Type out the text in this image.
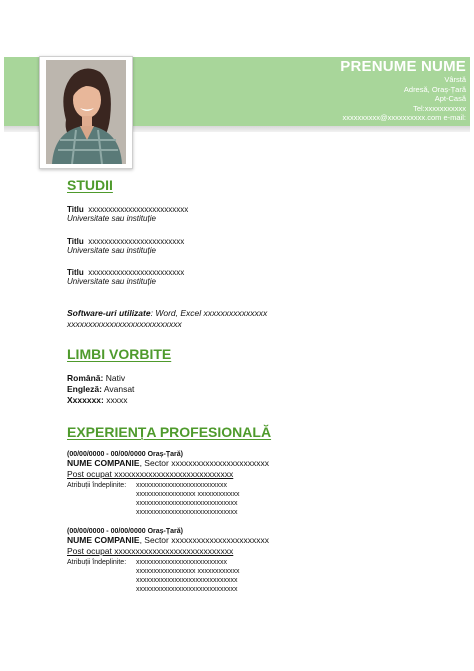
PRENUME NUME
Vârstă
Adresă, Oraș-Țară
Apt-Casă
Tel:xxxxxxxxxxx
xxxxxxxxxx@xxxxxxxxxx.com e-mail:
STUDII
Titlu xxxxxxxxxxxxxxxxxxxxxxxxx
Universitate sau instituție
Titlu xxxxxxxxxxxxxxxxxxxxxxxx
Universitate sau instituție
Titlu xxxxxxxxxxxxxxxxxxxxxxxx
Universitate sau instituție
Software-uri utilizate: Word, Excel xxxxxxxxxxxxxxx
xxxxxxxxxxxxxxxxxxxxxxxxxxx
LIMBI VORBITE
Română: Nativ
Engleză: Avansat
Xxxxxxx: xxxxx
EXPERIENȚA PROFESIONALĂ
(00/00/0000 - 00/00/0000 Oraș-Țară)
NUME COMPANIE, Sector xxxxxxxxxxxxxxxxxxxxxxx
Post ocupat xxxxxxxxxxxxxxxxxxxxxxxxxxxx
Atribuții îndeplinite: xxxxxxxxxxxxxxxxxxxxxxxxxx
xxxxxxxxxxxxxxxxx xxxxxxxxxxxx
xxxxxxxxxxxxxxxxxxxxxxxxxxxxx
xxxxxxxxxxxxxxxxxxxxxxxxxxxxx
(00/00/0000 - 00/00/0000 Oraș-Țară)
NUME COMPANIE, Sector xxxxxxxxxxxxxxxxxxxxxxx
Post ocupat xxxxxxxxxxxxxxxxxxxxxxxxxxxx
Atribuții îndeplinite: xxxxxxxxxxxxxxxxxxxxxxxxxx
xxxxxxxxxxxxxxxxx xxxxxxxxxxxx
xxxxxxxxxxxxxxxxxxxxxxxxxxxxx
xxxxxxxxxxxxxxxxxxxxxxxxxxxxx
